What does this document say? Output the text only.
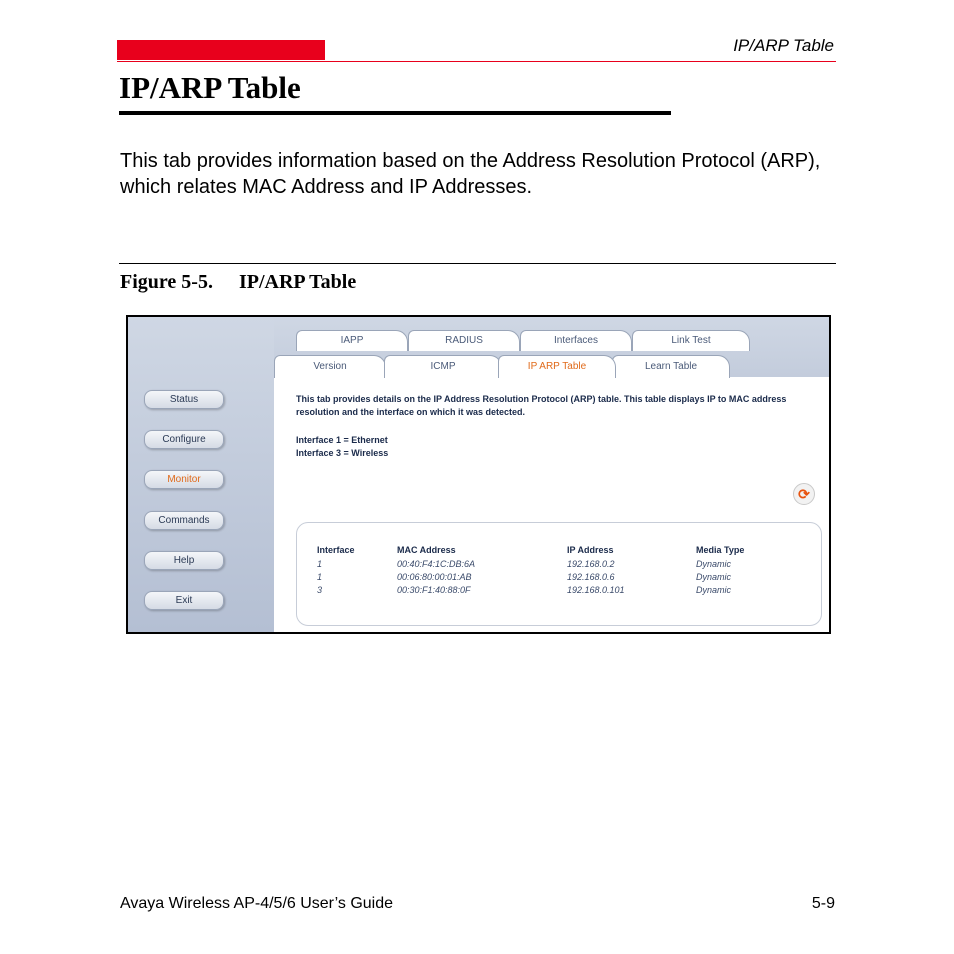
IP/ARP Table
IP/ARP Table

This tab provides information based on the Address Resolution Protocol (ARP), which relates MAC Address and IP Addresses.

Figure 5-5. IP/ARP Table
Status
Configure
Monitor
Commands
Help
Exit
IAPP	RADIUS	Interfaces	Link Test
Version	ICMP	IP ARP Table	Learn Table
This tab provides details on the IP Address Resolution Protocol (ARP) table. This table displays IP to MAC address resolution and the interface on which it was detected.
Interface 1 = Ethernet
Interface 3 = Wireless
⟳
Interface	MAC Address	IP Address	Media Type
1	00:40:F4:1C:DB:6A	192.168.0.2	Dynamic
1	00:06:80:00:01:AB	192.168.0.6	Dynamic
3	00:30:F1:40:88:0F	192.168.0.101	Dynamic
Avaya Wireless AP-4/5/6 User’s Guide	5-9
